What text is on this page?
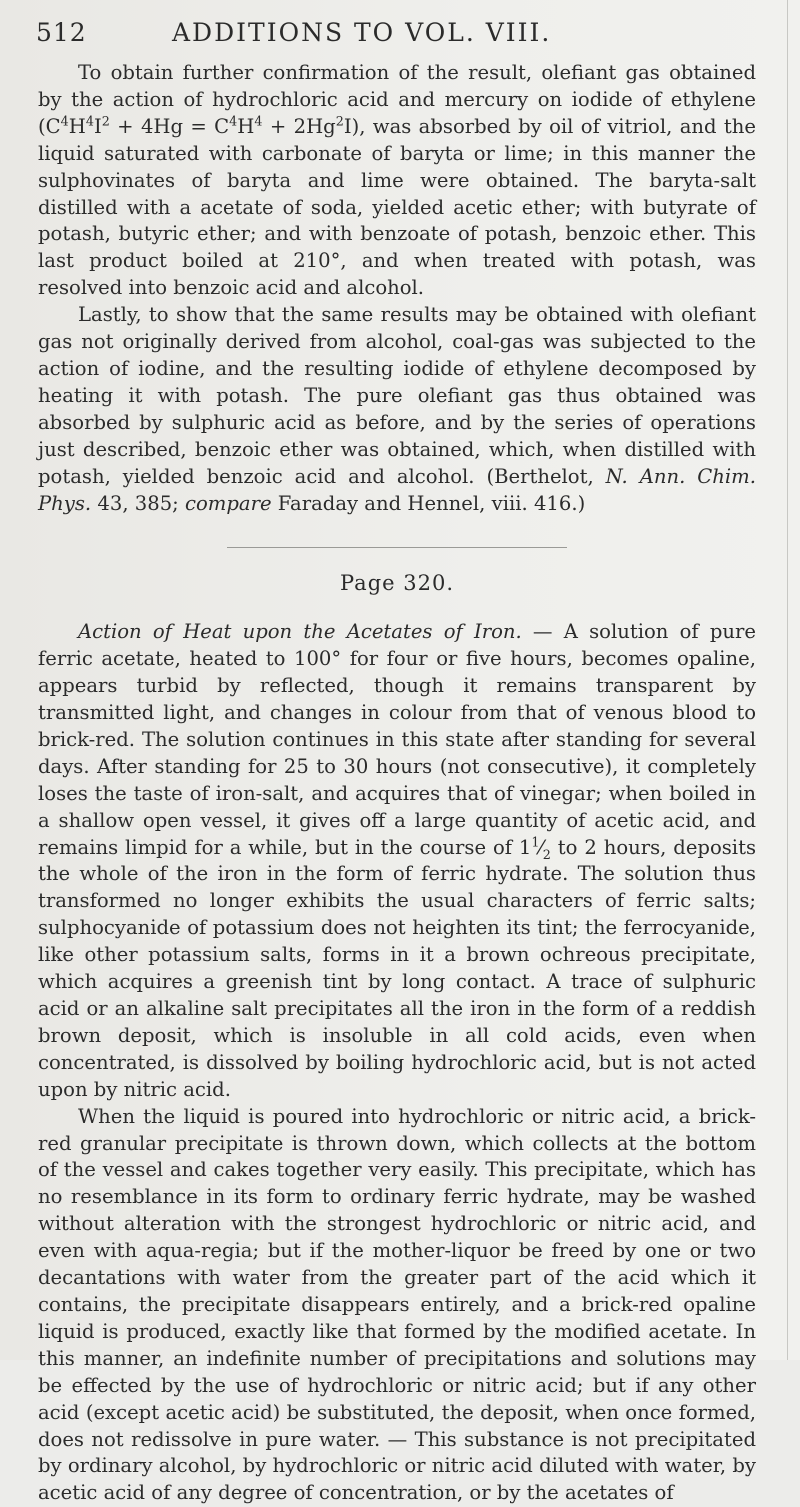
512	ADDITIONS TO VOL. VIII.

To obtain further confirmation of the result, olefiant gas obtained by the action of hydrochloric acid and mercury on iodide of ethylene $(C^4H^4I^2 + 4Hg = C^4H^4 + 2Hg^2I)$, was absorbed by oil of vitriol, and the liquid saturated with carbonate of baryta or lime; in this manner the sulphovinates of baryta and lime were obtained. The baryta-salt distilled with a acetate of soda, yielded acetic ether; with butyrate of potash, butyric ether; and with benzoate of potash, benzoic ether. This last product boiled at 210°, and when treated with potash, was resolved into benzoic acid and alcohol.

Lastly, to show that the same results may be obtained with olefiant gas not originally derived from alcohol, coal-gas was subjected to the action of iodine, and the resulting iodide of ethylene decomposed by heating it with potash. The pure olefiant gas thus obtained was absorbed by sulphuric acid as before, and by the series of operations just described, benzoic ether was obtained, which, when distilled with potash, yielded benzoic acid and alcohol. (Berthelot, N. Ann. Chim. Phys. 43, 385; compare Faraday and Hennel, viii. 416.)

Page 320.

Action of Heat upon the Acetates of Iron. — A solution of pure ferric acetate, heated to 100° for four or five hours, becomes opaline, appears turbid by reflected, though it remains transparent by transmitted light, and changes in colour from that of venous blood to brick-red. The solution continues in this state after standing for several days. After standing for 25 to 30 hours (not consecutive), it completely loses the taste of iron-salt, and acquires that of vinegar; when boiled in a shallow open vessel, it gives off a large quantity of acetic acid, and remains limpid for a while, but in the course of $1^1⁄_2$ to 2 hours, deposits the whole of the iron in the form of ferric hydrate. The solution thus transformed no longer exhibits the usual characters of ferric salts; sulphocyanide of potassium does not heighten its tint; the ferrocyanide, like other potassium salts, forms in it a brown ochreous precipitate, which acquires a greenish tint by long contact. A trace of sulphuric acid or an alkaline salt precipitates all the iron in the form of a reddish brown deposit, which is insoluble in all cold acids, even when concentrated, is dissolved by boiling hydrochloric acid, but is not acted upon by nitric acid.

When the liquid is poured into hydrochloric or nitric acid, a brick-red granular precipitate is thrown down, which collects at the bottom of the vessel and cakes together very easily. This precipitate, which has no resemblance in its form to ordinary ferric hydrate, may be washed without alteration with the strongest hydrochloric or nitric acid, and even with aqua-regia; but if the mother-liquor be freed by one or two decantations with water from the greater part of the acid which it contains, the precipitate disappears entirely, and a brick-red opaline liquid is produced, exactly like that formed by the modified acetate. In this manner, an indefinite number of precipitations and solutions may be effected by the use of hydrochloric or nitric acid; but if any other acid (except acetic acid) be substituted, the deposit, when once formed, does not redissolve in pure water. — This substance is not precipitated by ordinary alcohol, by hydrochloric or nitric acid diluted with water, by acetic acid of any degree of concentration, or by the acetates of
